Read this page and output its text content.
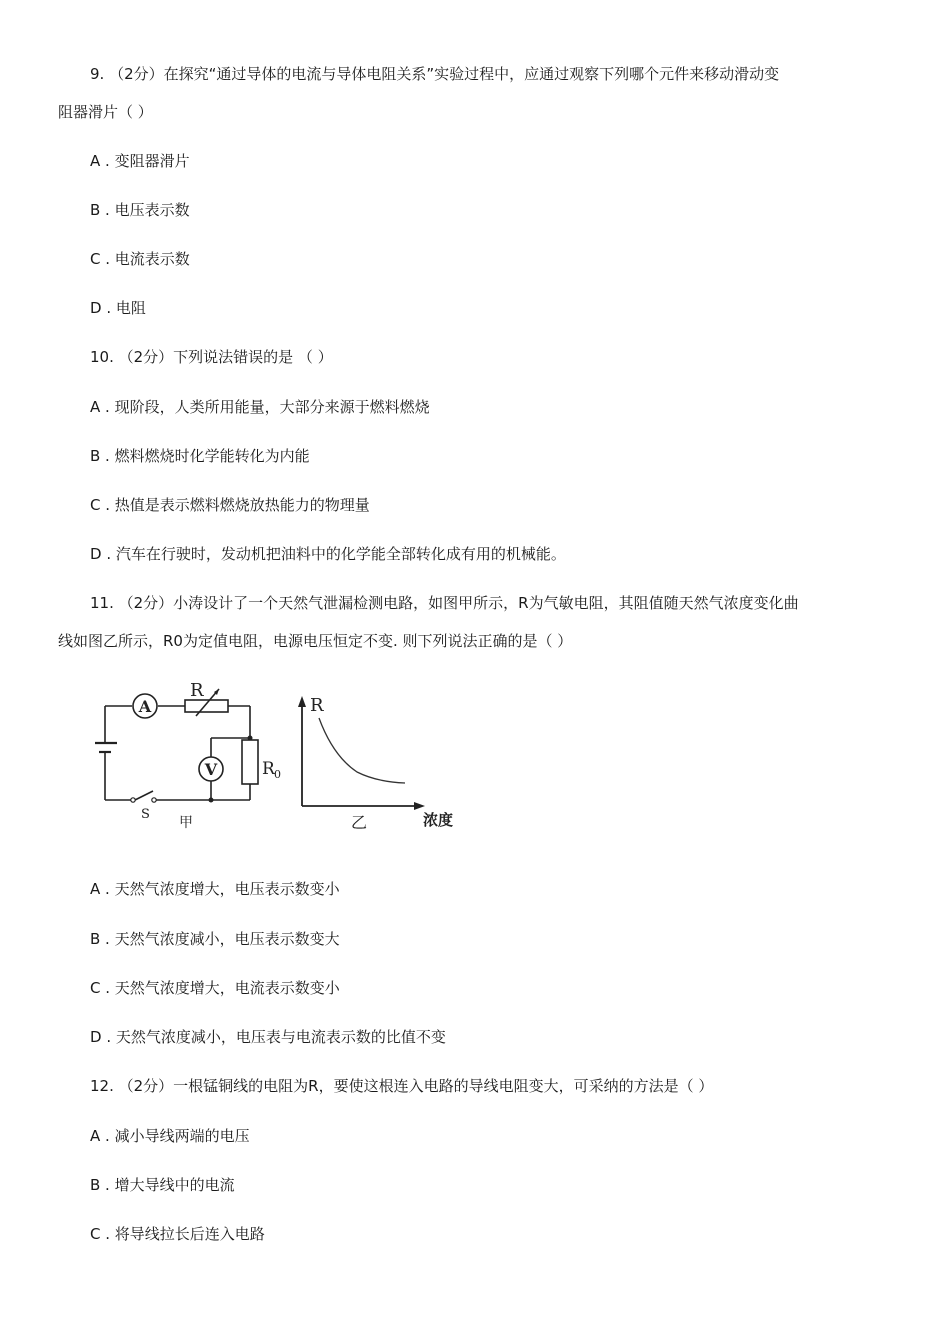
9. （2分）在探究“通过导体的电流与导体电阻关系”实验过程中，应通过观察下列哪个元件来移动滑动变
阻器滑片（ ）
A . 变阻器滑片
B . 电压表示数
C . 电流表示数
D . 电阻
10. （2分）下列说法错误的是 （ ）
A . 现阶段，人类所用能量，大部分来源于燃料燃烧
B . 燃料燃烧时化学能转化为内能
C . 热值是表示燃料燃烧放热能力的物理量
D . 汽车在行驶时，发动机把油料中的化学能全部转化成有用的机械能。
11. （2分）小涛设计了一个天然气泄漏检测电路，如图甲所示，R为气敏电阻，其阻值随天然气浓度变化曲
线如图乙所示，R0为定值电阻，电源电压恒定不变. 则下列说法正确的是（ ）
A
V
R
R 0
S
甲
R
浓度
乙
A . 天然气浓度增大，电压表示数变小
B . 天然气浓度减小，电压表示数变大
C . 天然气浓度增大，电流表示数变小
D . 天然气浓度减小，电压表与电流表示数的比值不变
12. （2分）一根锰铜线的电阻为R，要使这根连入电路的导线电阻变大，可采纳的方法是（ ）
A . 减小导线两端的电压
B . 增大导线中的电流
C . 将导线拉长后连入电路
